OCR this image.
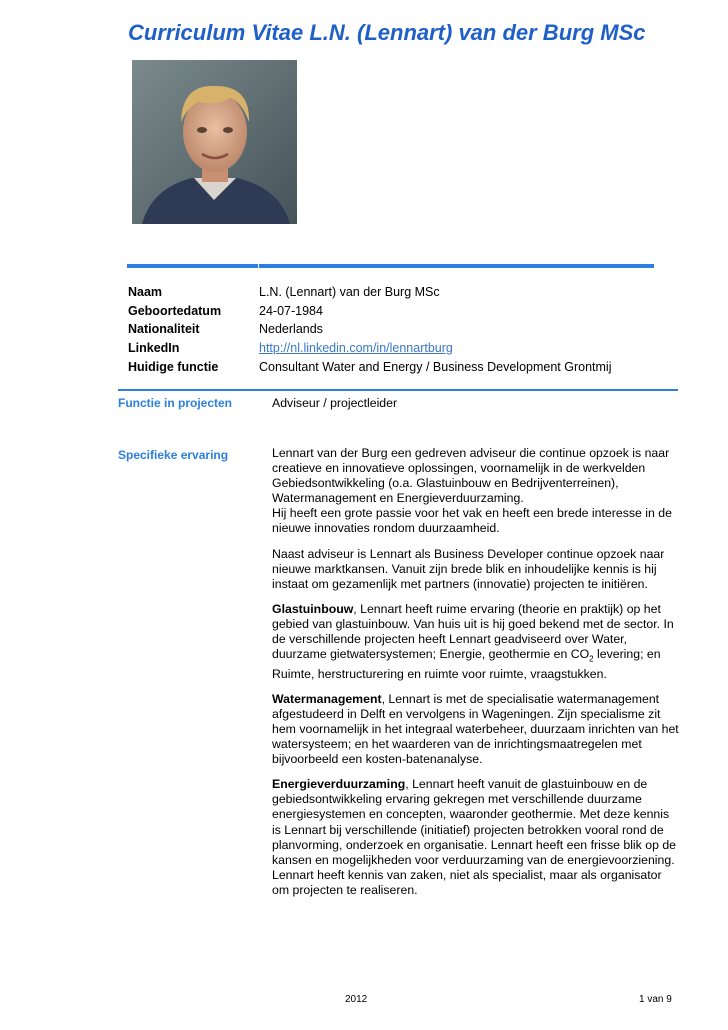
Curriculum Vitae L.N. (Lennart) van der Burg MSc
Naam	L.N. (Lennart) van der Burg MSc
Geboortedatum	24-07-1984
Nationaliteit	Nederlands
LinkedIn	http://nl.linkedin.com/in/lennartburg
Huidige functie	Consultant Water and Energy / Business Development Grontmij
Functie in projecten	Adviseur / projectleider
Specifieke ervaring	Lennart van der Burg een gedreven adviseur die continue opzoek is naar creatieve en innovatieve oplossingen, voornamelijk in de werkvelden Gebiedsontwikkeling (o.a. Glastuinbouw en Bedrijventerreinen), Watermanagement en Energieverduurzaming.

Hij heeft een grote passie voor het vak en heeft een brede interesse in de nieuwe innovaties rondom duurzaamheid.

Naast adviseur is Lennart als Business Developer continue opzoek naar nieuwe marktkansen. Vanuit zijn brede blik en inhoudelijke kennis is hij instaat om gezamenlijk met partners (innovatie) projecten te initiëren.

Glastuinbouw, Lennart heeft ruime ervaring (theorie en praktijk) op het gebied van glastuinbouw. Van huis uit is hij goed bekend met de sector. In de verschillende projecten heeft Lennart geadviseerd over Water, duurzame gietwatersystemen; Energie, geothermie en $CO_2$ levering; en Ruimte, herstructurering en ruimte voor ruimte, vraagstukken.

Watermanagement, Lennart is met de specialisatie watermanagement afgestudeerd in Delft en vervolgens in Wageningen. Zijn specialisme zit hem voornamelijk in het integraal waterbeheer, duurzaam inrichten van het watersysteem; en het waarderen van de inrichtingsmaatregelen met bijvoorbeeld een kosten-batenanalyse.

Energieverduurzaming, Lennart heeft vanuit de glastuinbouw en de gebiedsontwikkeling ervaring gekregen met verschillende duurzame energiesystemen en concepten, waaronder geothermie. Met deze kennis is Lennart bij verschillende (initiatief) projecten betrokken vooral rond de planvorming, onderzoek en organisatie. Lennart heeft een frisse blik op de kansen en mogelijkheden voor verduurzaming van de energievoorziening. Lennart heeft kennis van zaken, niet als specialist, maar als organisator om projecten te realiseren.

2012	1 van 9
